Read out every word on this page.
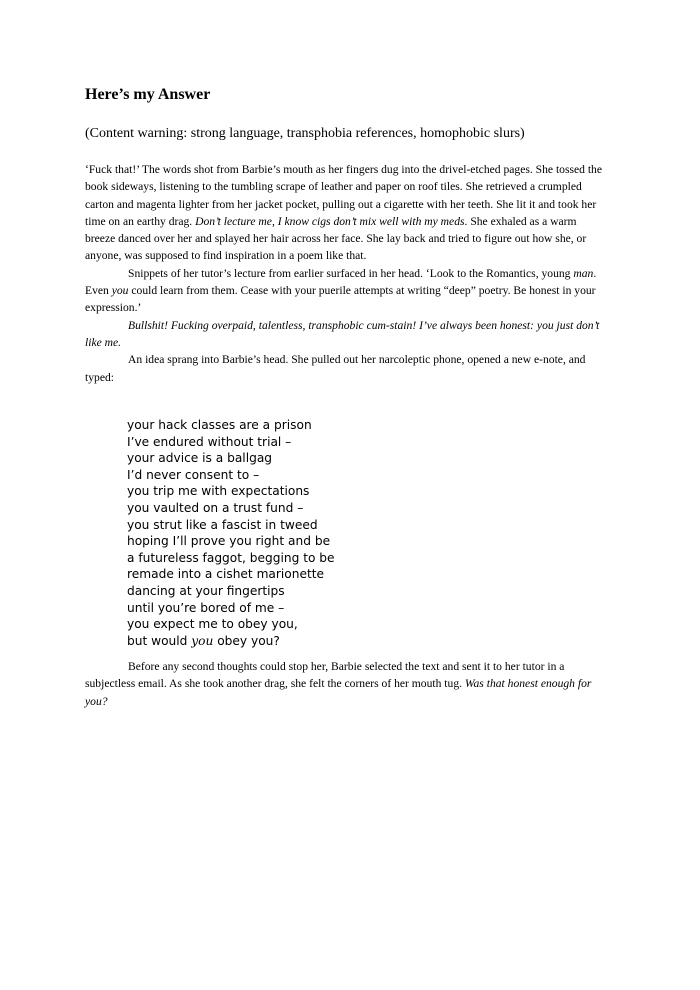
Here’s my Answer

(Content warning: strong language, transphobia references, homophobic slurs)

‘Fuck that!’ The words shot from Barbie’s mouth as her fingers dug into the drivel-etched pages. She tossed the book sideways, listening to the tumbling scrape of leather and paper on roof tiles. She retrieved a crumpled carton and magenta lighter from her jacket pocket, pulling out a cigarette with her teeth. She lit it and took her time on an earthy drag. Don’t lecture me, I know cigs don’t mix well with my meds. She exhaled as a warm breeze danced over her and splayed her hair across her face. She lay back and tried to figure out how she, or anyone, was supposed to find inspiration in a poem like that.

Snippets of her tutor’s lecture from earlier surfaced in her head. ‘Look to the Romantics, young man. Even you could learn from them. Cease with your puerile attempts at writing “deep” poetry. Be honest in your expression.’

Bullshit! Fucking overpaid, talentless, transphobic cum-stain! I’ve always been honest: you just don’t like me.

An idea sprang into Barbie’s head. She pulled out her narcoleptic phone, opened a new e-note, and typed:

your hack classes are a prison
I’ve endured without trial –
your advice is a ballgag
I’d never consent to –
you trip me with expectations
you vaulted on a trust fund –
you strut like a fascist in tweed
hoping I’ll prove you right and be
a futureless faggot, begging to be
remade into a cishet marionette
dancing at your fingertips
until you’re bored of me –
you expect me to obey you,
but would you obey you?

Before any second thoughts could stop her, Barbie selected the text and sent it to her tutor in a subjectless email. As she took another drag, she felt the corners of her mouth tug. Was that honest enough for you?
